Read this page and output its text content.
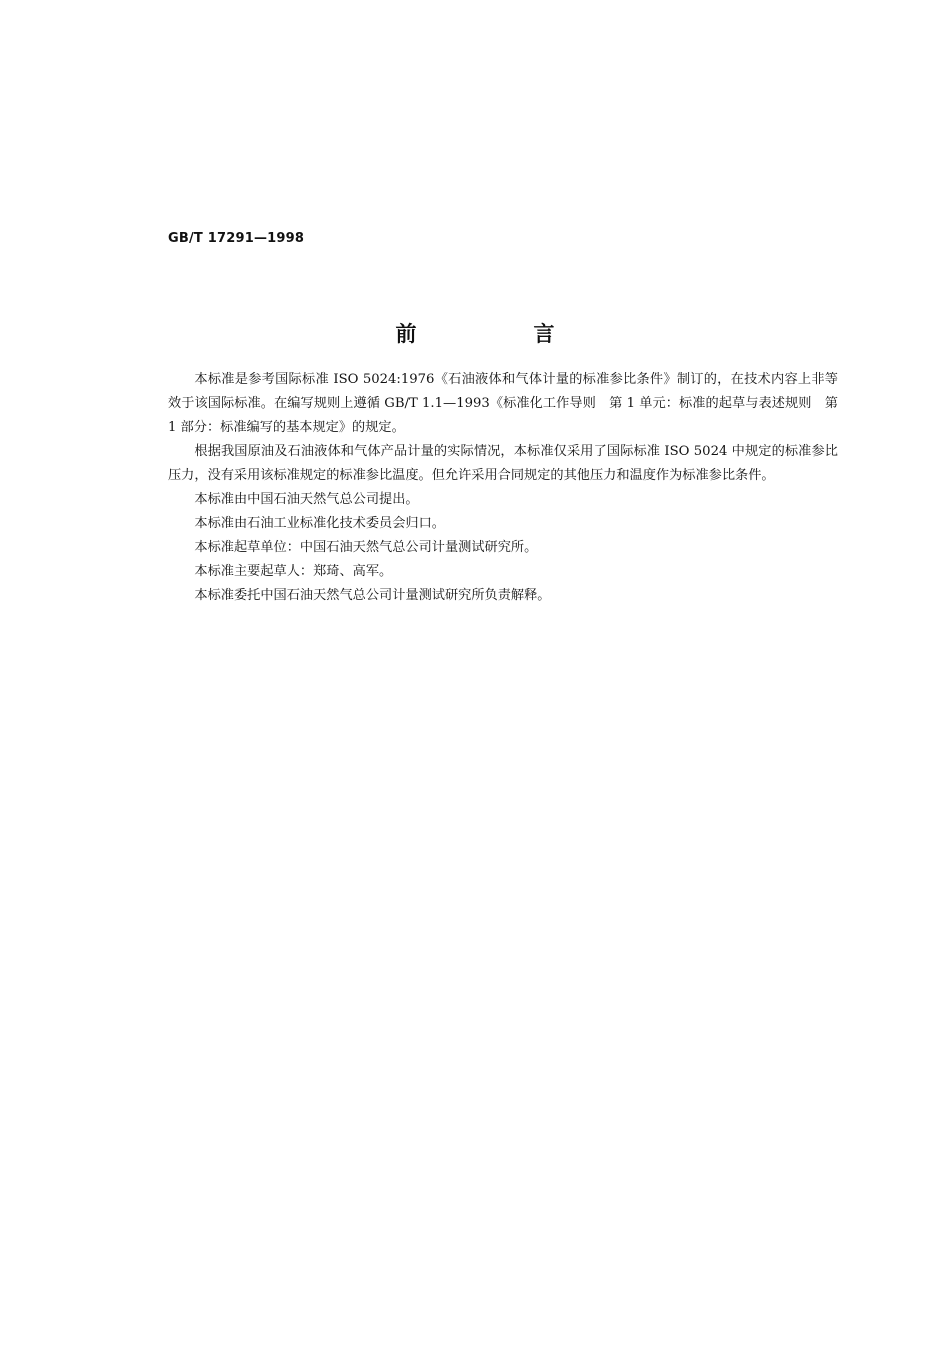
GB/T 17291—1998
前　言

本标准是参考国际标准 ISO 5024:1976《石油液体和气体计量的标准参比条件》制订的，在技术内容上非等效于该国际标准。在编写规则上遵循 GB/T 1.1—1993《标准化工作导则　第 1 单元：标准的起草与表述规则　第 1 部分：标准编写的基本规定》的规定。

根据我国原油及石油液体和气体产品计量的实际情况，本标准仅采用了国际标准 ISO 5024 中规定的标准参比压力，没有采用该标准规定的标准参比温度。但允许采用合同规定的其他压力和温度作为标准参比条件。

本标准由中国石油天然气总公司提出。

本标准由石油工业标准化技术委员会归口。

本标准起草单位：中国石油天然气总公司计量测试研究所。

本标准主要起草人：郑琦、高军。

本标准委托中国石油天然气总公司计量测试研究所负责解释。
